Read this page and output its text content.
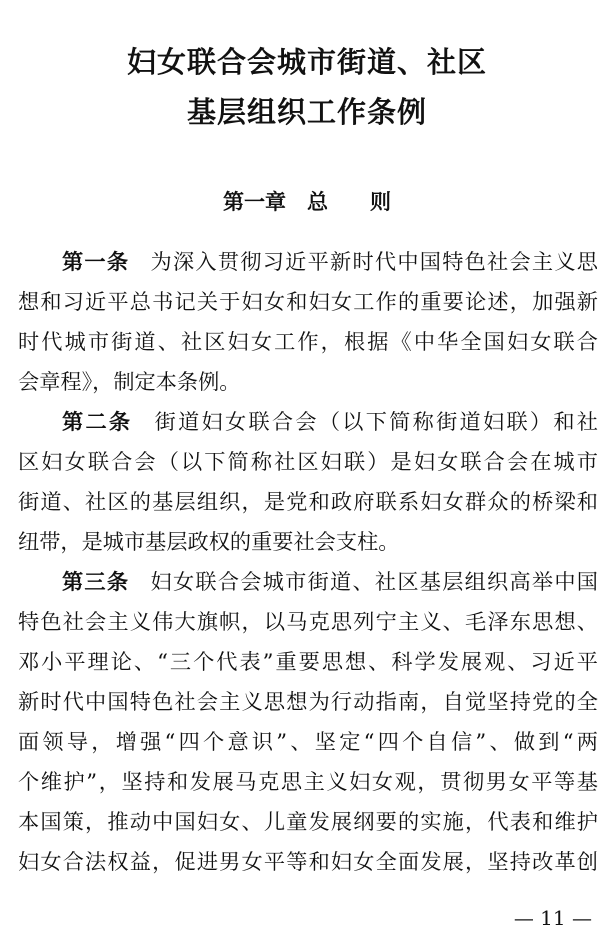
妇女联合会城市街道、社区
基层组织工作条例
第一章　总　　则
第一条 为深入贯彻习近平新时代中国特色社会主义思
想和习近平总书记关于妇女和妇女工作的重要论述，加强新
时代城市街道、社区妇女工作，根据《中华全国妇女联合
会章程》，制定本条例。
第二条 街道妇女联合会（以下简称街道妇联）和社
区妇女联合会（以下简称社区妇联）是妇女联合会在城市
街道、社区的基层组织，是党和政府联系妇女群众的桥梁和
纽带，是城市基层政权的重要社会支柱。
第三条 妇女联合会城市街道、社区基层组织高举中国
特色社会主义伟大旗帜，以马克思列宁主义、毛泽东思想、
邓小平理论、“三个代表”重要思想、科学发展观、习近平
新时代中国特色社会主义思想为行动指南，自觉坚持党的全
面领导，增强“四个意识”、坚定“四个自信”、做到“两
个维护”，坚持和发展马克思主义妇女观，贯彻男女平等基
本国策，推动中国妇女、儿童发展纲要的实施，代表和维护
妇女合法权益，促进男女平等和妇女全面发展，坚持改革创
— 11 —
